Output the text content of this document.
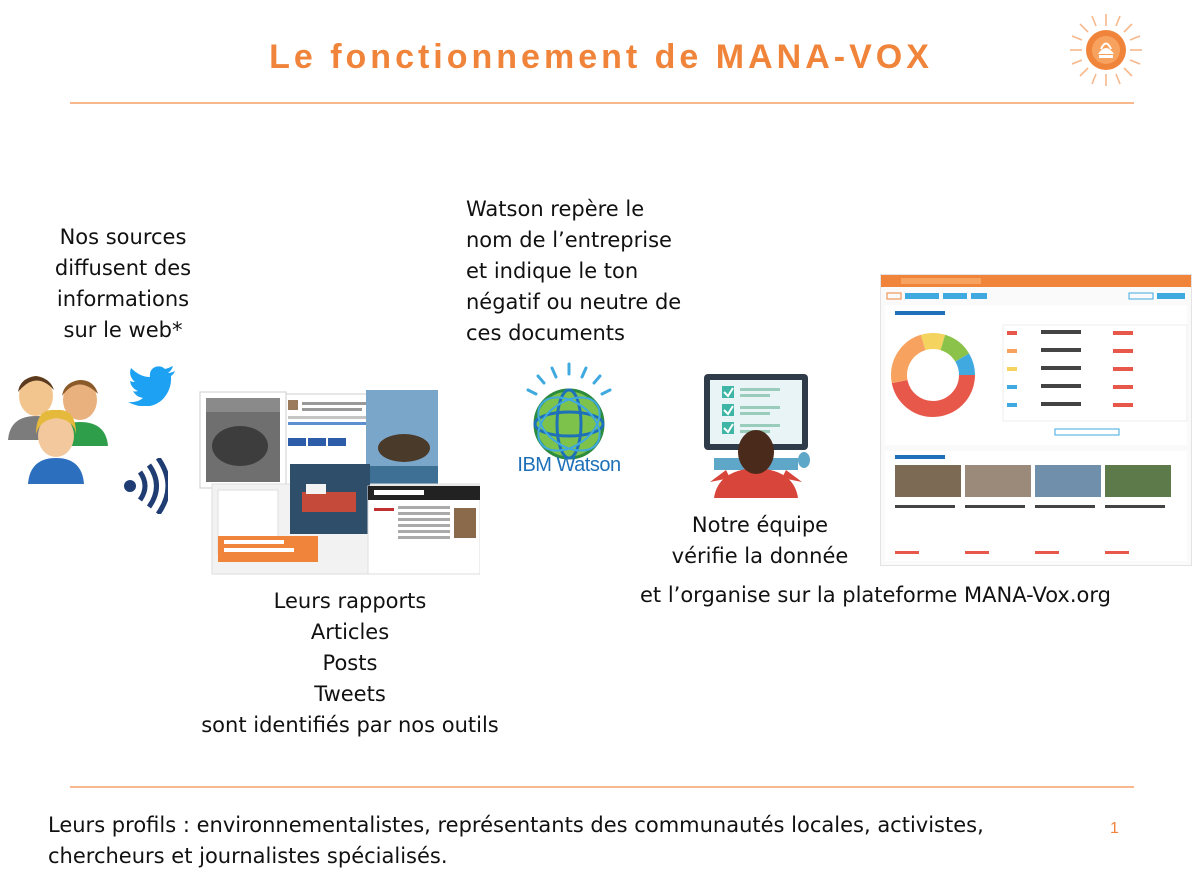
Le fonctionnement de MANA-VOX
Nos sources
diffusent des
informations
sur le web*
Leurs rapports
Articles
Posts
Tweets
sont identifiés par nos outils
Watson repère le
nom de l’entreprise
et indique le ton
négatif ou neutre de
ces documents
IBM Watson
Notre équipe
vérifie la donnée
et l’organise sur la plateforme MANA-Vox.org
Leurs profils : environnementalistes, représentants des communautés locales, activistes,
chercheurs et journalistes spécialisés.
1
